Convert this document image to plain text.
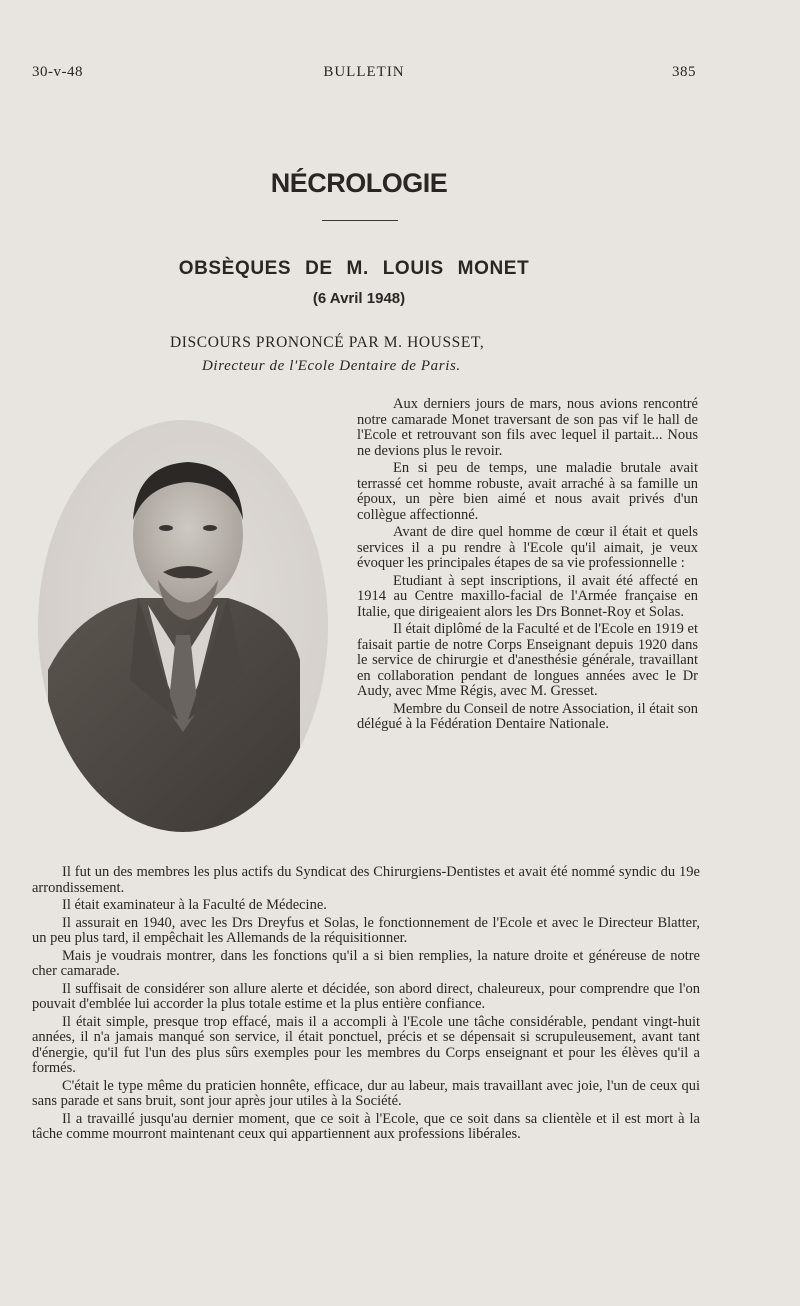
30-v-48	BULLETIN	385
NÉCROLOGIE
OBSÈQUES DE M. LOUIS MONET
(6 Avril 1948)
DISCOURS PRONONCÉ PAR M. HOUSSET,
Directeur de l'Ecole Dentaire de Paris.

Aux derniers jours de mars, nous avions rencontré notre camarade Monet traversant de son pas vif le hall de l'Ecole et retrouvant son fils avec lequel il partait... Nous ne devions plus le revoir.

En si peu de temps, une maladie brutale avait terrassé cet homme robuste, avait arraché à sa famille un époux, un père bien aimé et nous avait privés d'un collègue affectionné.

Avant de dire quel homme de cœur il était et quels services il a pu rendre à l'Ecole qu'il aimait, je veux évoquer les principales étapes de sa vie professionnelle :

Etudiant à sept inscriptions, il avait été affecté en 1914 au Centre maxillo-facial de l'Armée française en Italie, que dirigeaient alors les Drs Bonnet-Roy et Solas.

Il était diplômé de la Faculté et de l'Ecole en 1919 et faisait partie de notre Corps Enseignant depuis 1920 dans le service de chirurgie et d'anesthésie générale, travaillant en collaboration pendant de longues années avec le Dr Audy, avec Mme Régis, avec M. Gresset.

Membre du Conseil de notre Association, il était son délégué à la Fédération Dentaire Nationale.

Il fut un des membres les plus actifs du Syndicat des Chirurgiens-Dentistes et avait été nommé syndic du 19e arrondissement.

Il était examinateur à la Faculté de Médecine.

Il assurait en 1940, avec les Drs Dreyfus et Solas, le fonctionnement de l'Ecole et avec le Directeur Blatter, un peu plus tard, il empêchait les Allemands de la réquisitionner.

Mais je voudrais montrer, dans les fonctions qu'il a si bien remplies, la nature droite et généreuse de notre cher camarade.

Il suffisait de considérer son allure alerte et décidée, son abord direct, chaleureux, pour comprendre que l'on pouvait d'emblée lui accorder la plus totale estime et la plus entière confiance.

Il était simple, presque trop effacé, mais il a accompli à l'Ecole une tâche considérable, pendant vingt-huit années, il n'a jamais manqué son service, il était ponctuel, précis et se dépensait si scrupuleusement, avant tant d'énergie, qu'il fut l'un des plus sûrs exemples pour les membres du Corps enseignant et pour les élèves qu'il a formés.

C'était le type même du praticien honnête, efficace, dur au labeur, mais travaillant avec joie, l'un de ceux qui sans parade et sans bruit, sont jour après jour utiles à la Société.

Il a travaillé jusqu'au dernier moment, que ce soit à l'Ecole, que ce soit dans sa clientèle et il est mort à la tâche comme mourront maintenant ceux qui appartiennent aux professions libérales.
